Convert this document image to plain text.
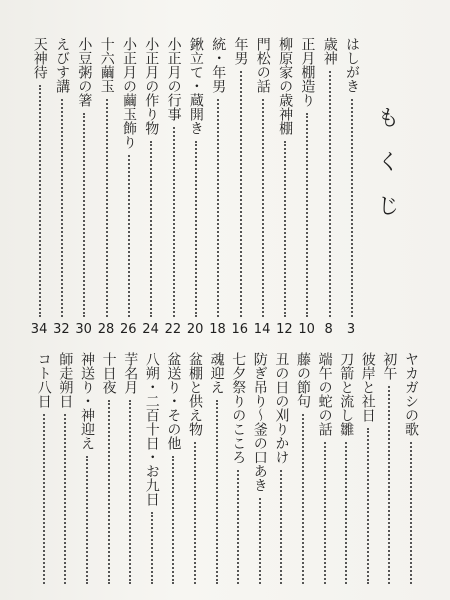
もくじ
はしがき
3
歳神
8
正月棚造り
10
柳原家の歳神棚
12
門松の話
14
年男
16
統・年男
18
鍬立て・蔵開き
20
小正月の行事
22
小正月の作り物
24
小正月の繭玉飾り
26
十六繭玉
28
小豆粥の箸
30
えびす講
32
天神待
34
ヤカガシの歌
初午
彼岸と社日
刀箭と流し雛
端午の蛇の話
藤の節句
丑の日の刈りかけ
防ぎ吊り〜釜の口あき
七夕祭りのこころ
魂迎え
盆棚と供え物
盆送り・その他
八朔・二百十日・お九日
芋名月
十日夜
神送り・神迎え
師走朔日
コト八日
